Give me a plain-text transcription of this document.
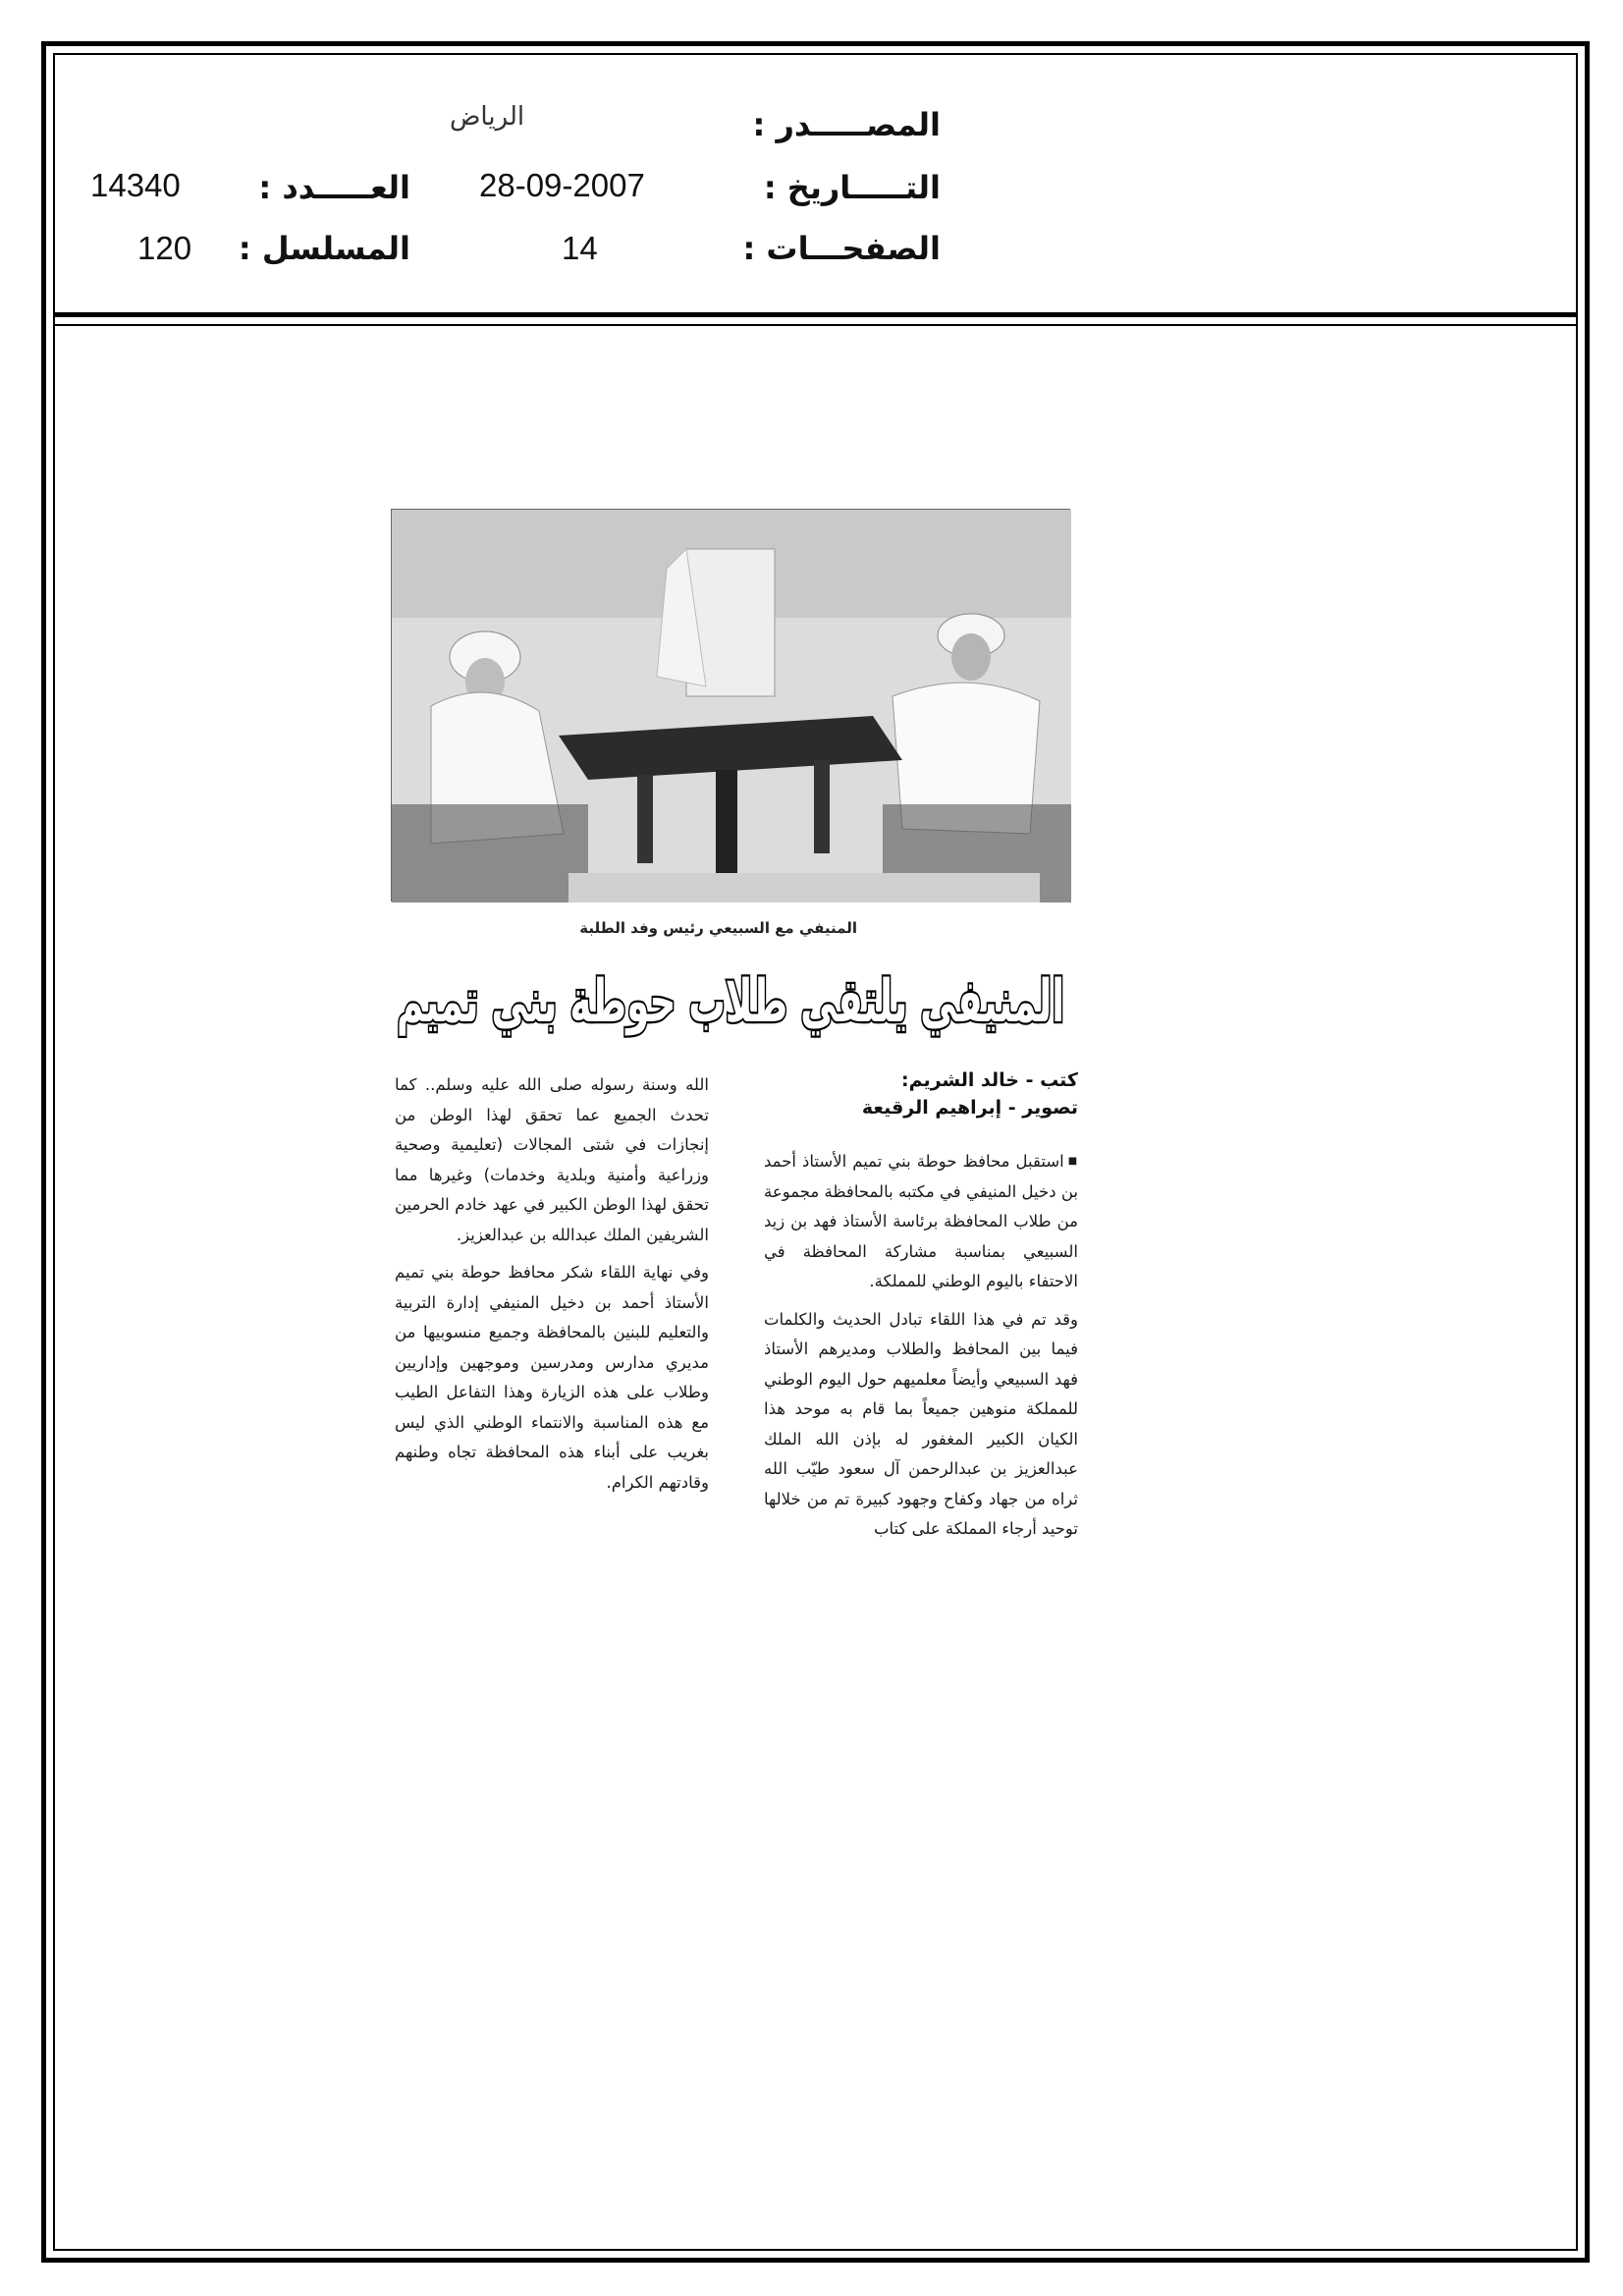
المصـــــدر :
الرياض
التـــــاريخ :
28-09-2007
الصفحـــات :
14
العـــــدد :
14340
المسلسل :
120
المنيفي مع السبيعي رئيس وفد الطلبة
المنيفي يلتقي طلاب حوطة بني تميم
كتب - خالد الشريم:
تصوير - إبراهيم الرقيعة

■استقبل محافظ حوطة بني تميم الأستاذ أحمد بن دخيل المنيفي في مكتبه بالمحافظة مجموعة من طلاب المحافظة برئاسة الأستاذ فهد بن زيد السبيعي بمناسبة مشاركة المحافظة في الاحتفاء باليوم الوطني للمملكة.

وقد تم في هذا اللقاء تبادل الحديث والكلمات فيما بين المحافظ والطلاب ومديرهم الأستاذ فهد السبيعي وأيضاً معلميهم حول اليوم الوطني للمملكة منوهين جميعاً بما قام به موحد هذا الكيان الكبير المغفور له بإذن الله الملك عبدالعزيز بن عبدالرحمن آل سعود طيّب الله ثراه من جهاد وكفاح وجهود كبيرة تم من خلالها توحيد أرجاء المملكة على كتاب

الله وسنة رسوله صلى الله عليه وسلم.. كما تحدث الجميع عما تحقق لهذا الوطن من إنجازات في شتى المجالات (تعليمية وصحية وزراعية وأمنية وبلدية وخدمات) وغيرها مما تحقق لهذا الوطن الكبير في عهد خادم الحرمين الشريفين الملك عبدالله بن عبدالعزيز.

وفي نهاية اللقاء شكر محافظ حوطة بني تميم الأستاذ أحمد بن دخيل المنيفي إدارة التربية والتعليم للبنين بالمحافظة وجميع منسوبيها من مديري مدارس ومدرسين وموجهين وإداريين وطلاب على هذه الزيارة وهذا التفاعل الطيب مع هذه المناسبة والانتماء الوطني الذي ليس بغريب على أبناء هذه المحافظة تجاه وطنهم وقادتهم الكرام.
